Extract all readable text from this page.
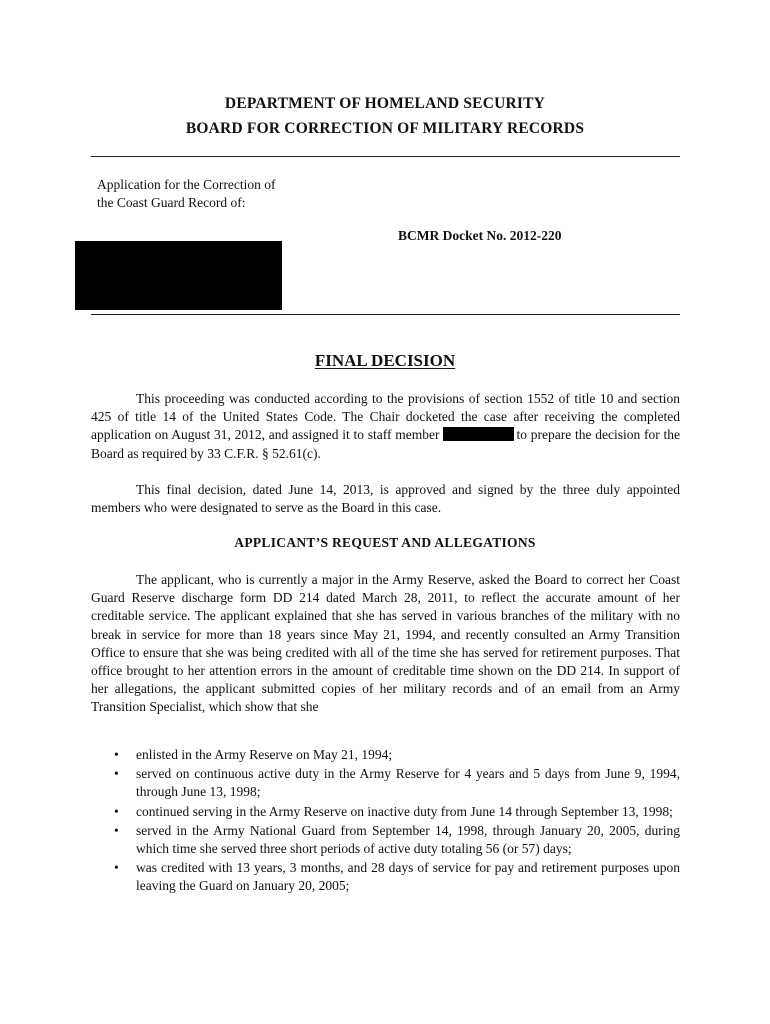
DEPARTMENT OF HOMELAND SECURITY
BOARD FOR CORRECTION OF MILITARY RECORDS
Application for the Correction of
the Coast Guard Record of:
BCMR Docket No. 2012-220
FINAL DECISION

This proceeding was conducted according to the provisions of section 1552 of title 10 and section 425 of title 14 of the United States Code. The Chair docketed the case after receiving the completed application on August 31, 2012, and assigned it to staff member	to prepare the decision for the Board as required by 33 C.F.R. § 52.61(c).

This final decision, dated June 14, 2013, is approved and signed by the three duly appointed members who were designated to serve as the Board in this case.

APPLICANT’S REQUEST AND ALLEGATIONS

The applicant, who is currently a major in the Army Reserve, asked the Board to correct her Coast Guard Reserve discharge form DD 214 dated March 28, 2011, to reflect the accurate amount of her creditable service. The applicant explained that she has served in various branches of the military with no break in service for more than 18 years since May 21, 1994, and recently consulted an Army Transition Office to ensure that she was being credited with all of the time she has served for retirement purposes. That office brought to her attention errors in the amount of creditable time shown on the DD 214. In support of her allegations, the applicant submitted copies of her military records and of an email from an Army Transition Specialist, which show that she

• enlisted in the Army Reserve on May 21, 1994;
• served on continuous active duty in the Army Reserve for 4 years and 5 days from June 9, 1994, through June 13, 1998;
• continued serving in the Army Reserve on inactive duty from June 14 through September 13, 1998;
• served in the Army National Guard from September 14, 1998, through January 20, 2005, during which time she served three short periods of active duty totaling 56 (or 57) days;
• was credited with 13 years, 3 months, and 28 days of service for pay and retirement purposes upon leaving the Guard on January 20, 2005;
